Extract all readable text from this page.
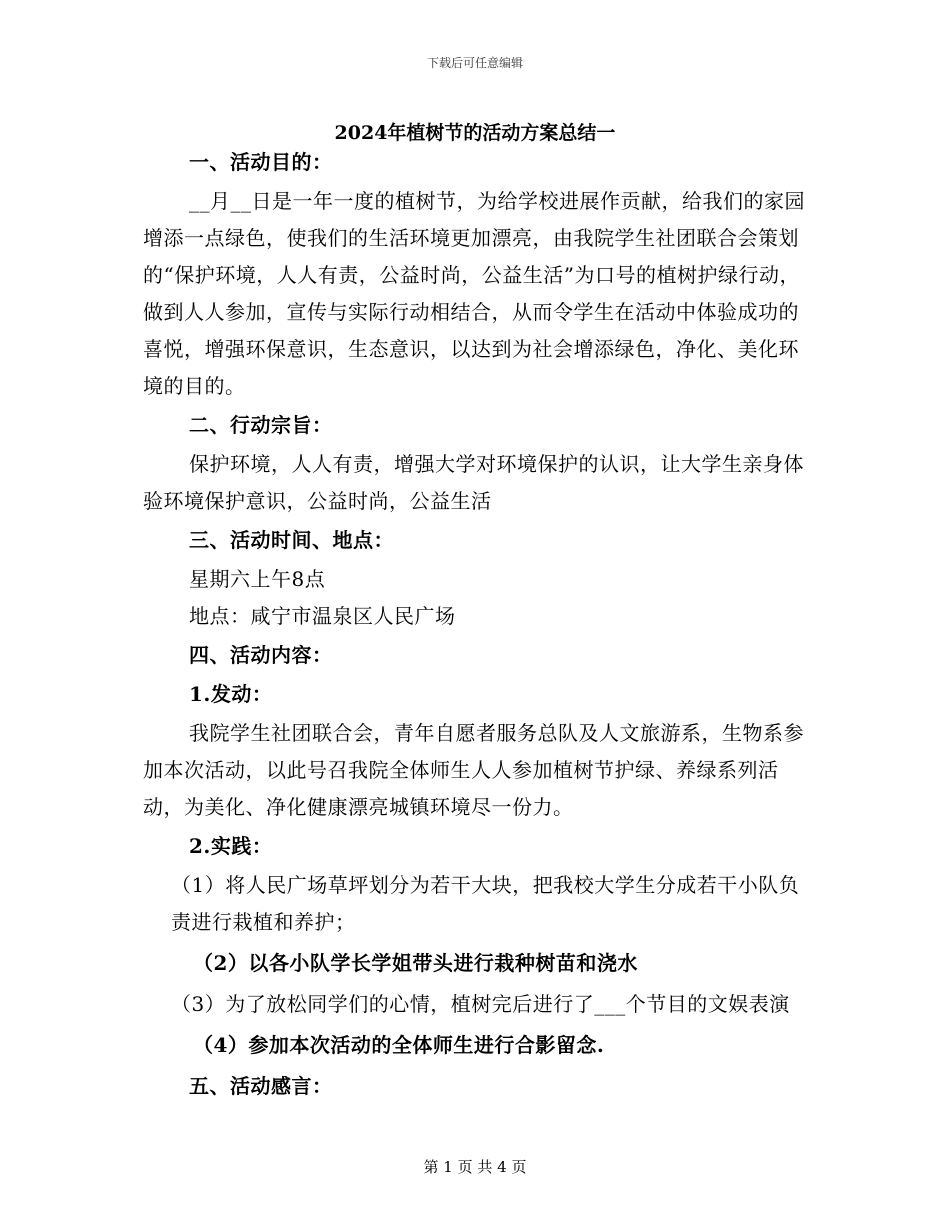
下载后可任意编辑
2024年植树节的活动方案总结一

一、活动目的：

__月__日是一年一度的植树节，为给学校进展作贡献，给我们的家园增添一点绿色，使我们的生活环境更加漂亮，由我院学生社团联合会策划的“保护环境，人人有责，公益时尚，公益生活”为口号的植树护绿行动，做到人人参加，宣传与实际行动相结合，从而令学生在活动中体验成功的喜悦，增强环保意识，生态意识，以达到为社会增添绿色，净化、美化环境的目的。

二、行动宗旨：

保护环境，人人有责，增强大学对环境保护的认识，让大学生亲身体验环境保护意识，公益时尚，公益生活

三、活动时间、地点：

星期六上午8点

地点：咸宁市温泉区人民广场

四、活动内容：

1.发动：

我院学生社团联合会，青年自愿者服务总队及人文旅游系，生物系参加本次活动，以此号召我院全体师生人人参加植树节护绿、养绿系列活动，为美化、净化健康漂亮城镇环境尽一份力。

2.实践：

（1）将人民广场草坪划分为若干大块，把我校大学生分成若干小队负责进行栽植和养护；

（2）以各小队学长学姐带头进行栽种树苗和浇水

（3）为了放松同学们的心情，植树完后进行了___个节目的文娱表演

（4）参加本次活动的全体师生进行合影留念.

五、活动感言：

第 1 页 共 4 页
